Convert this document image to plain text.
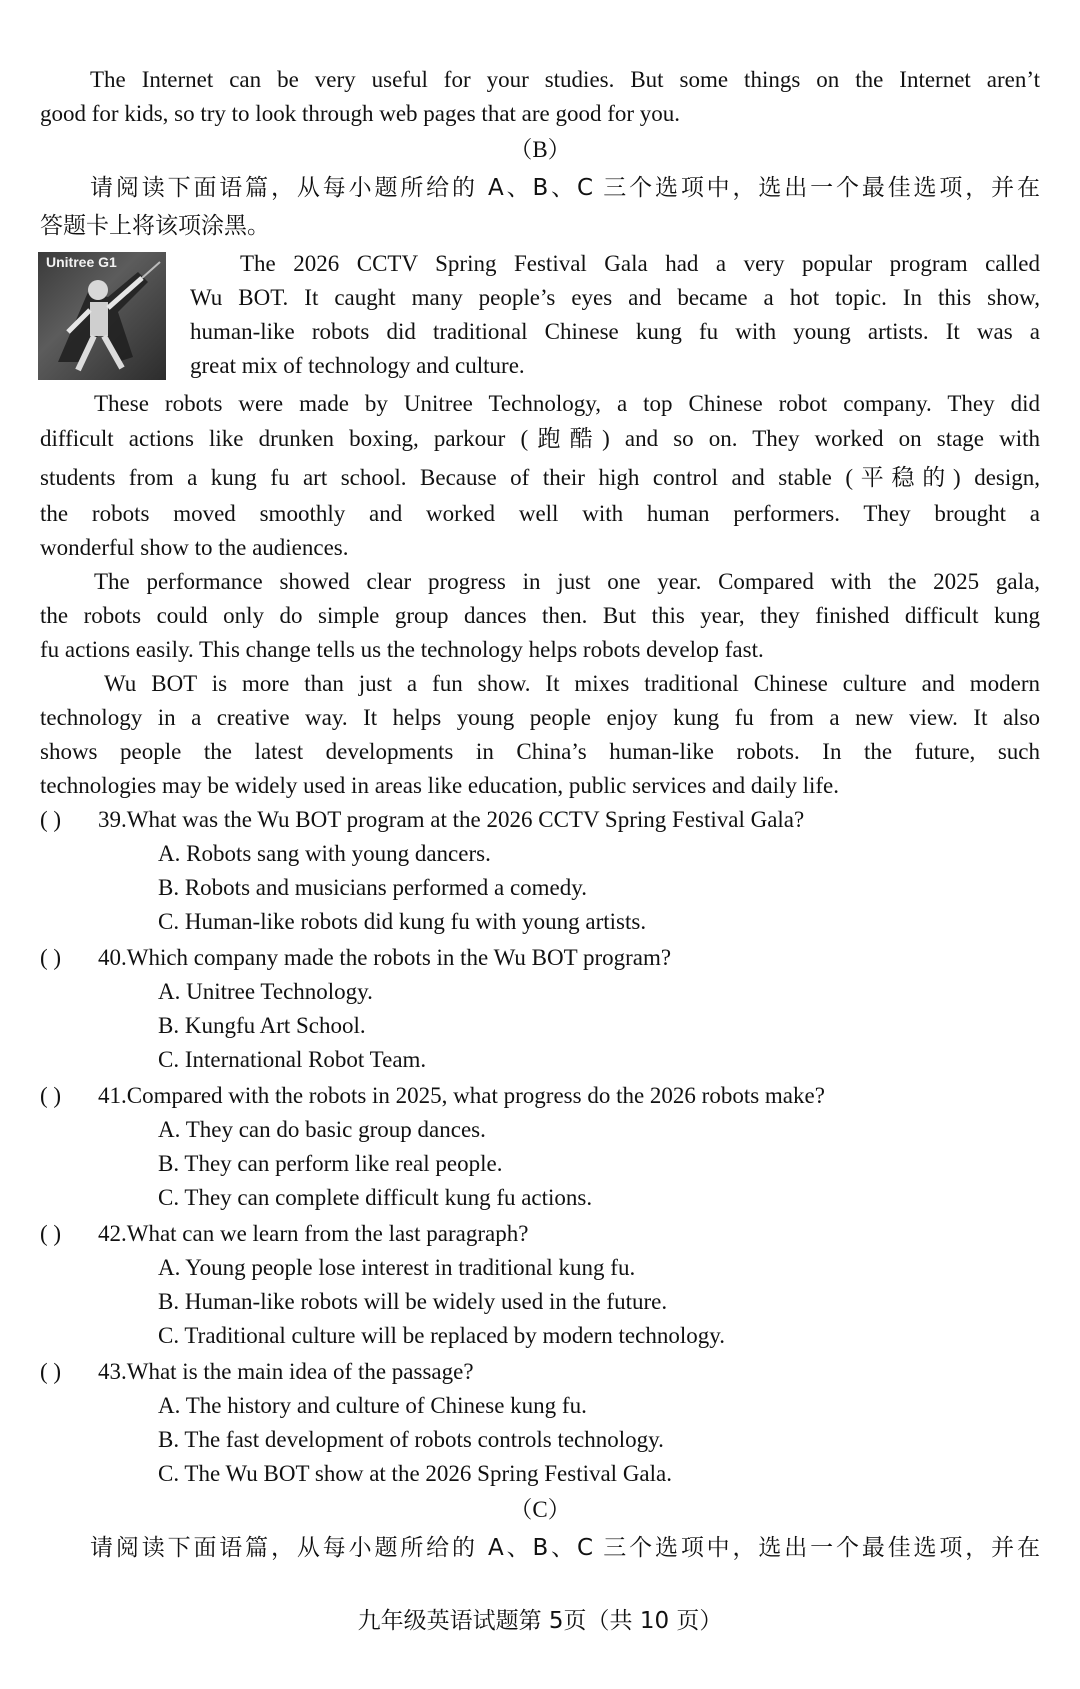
The Internet can be very useful for your studies. But some things on the Internet aren’t
good for kids, so try to look through web pages that are good for you.
（B）
请阅读下面语篇，从每小题所给的 A、B、C 三个选项中，选出一个最佳选项，并在
答题卡上将该项涂黑。
Unitree G1	The 2026 CCTV Spring Festival Gala had a very popular program called
Wu BOT. It caught many people’s eyes and became a hot topic. In this show,
human-like robots did traditional Chinese kung fu with young artists. It was a
great mix of technology and culture.
These robots were made by Unitree Technology, a top Chinese robot company. They did
difficult actions like drunken boxing, parkour (跑酷) and so on. They worked on stage with
students from a kung fu art school. Because of their high control and stable (平稳的) design,
the robots moved smoothly and worked well with human performers. They brought a
wonderful show to the audiences.
The performance showed clear progress in just one year. Compared with the 2025 gala,
the robots could only do simple group dances then. But this year, they finished difficult kung
fu actions easily. This change tells us the technology helps robots develop fast.
Wu BOT is more than just a fun show. It mixes traditional Chinese culture and modern
technology in a creative way. It helps young people enjoy kung fu from a new view. It also
shows people the latest developments in China’s human-like robots. In the future, such
technologies may be widely used in areas like education, public services and daily life.
( ) 39.What was the Wu BOT program at the 2026 CCTV Spring Festival Gala?
A. Robots sang with young dancers.
B. Robots and musicians performed a comedy.
C. Human-like robots did kung fu with young artists.
( ) 40.Which company made the robots in the Wu BOT program?
A. Unitree Technology.
B. Kungfu Art School.
C. International Robot Team.
( ) 41.Compared with the robots in 2025, what progress do the 2026 robots make?
A. They can do basic group dances.
B. They can perform like real people.
C. They can complete difficult kung fu actions.
( ) 42.What can we learn from the last paragraph?
A. Young people lose interest in traditional kung fu.
B. Human-like robots will be widely used in the future.
C. Traditional culture will be replaced by modern technology.
( ) 43.What is the main idea of the passage?
A. The history and culture of Chinese kung fu.
B. The fast development of robots controls technology.
C. The Wu BOT show at the 2026 Spring Festival Gala.
（C）
请阅读下面语篇，从每小题所给的 A、B、C 三个选项中，选出一个最佳选项，并在
九年级英语试题第 5页（共 10 页）
